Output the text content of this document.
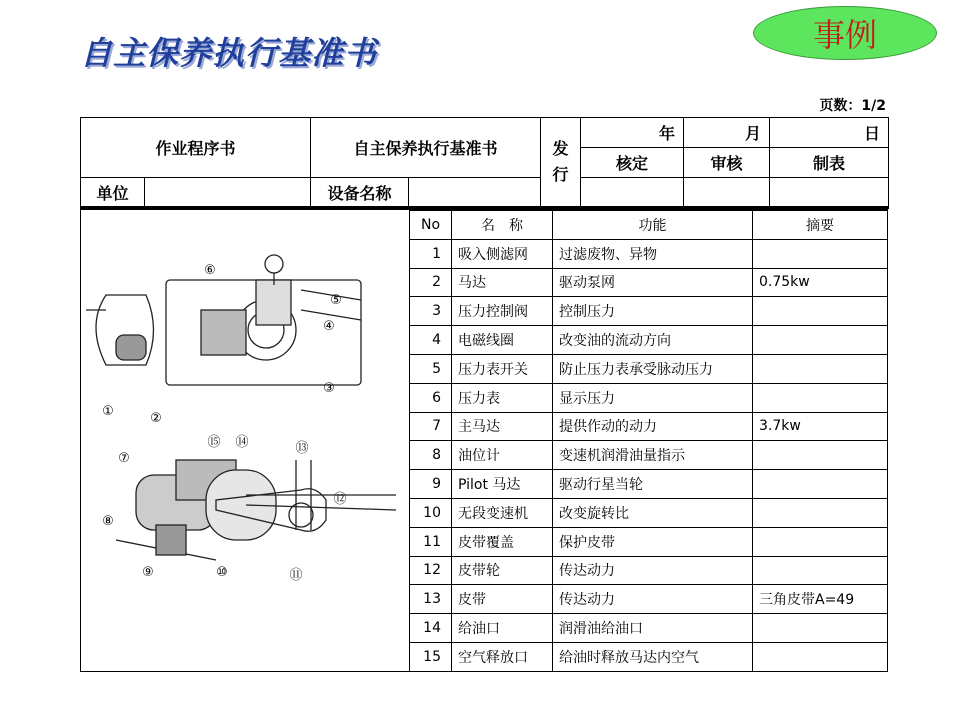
自主保养执行基准书	事例
页数：1/2
作业程序书		自主保养执行基准书		发行	年	月	日
					核定	审核	制表
单位		设备名称					
①	②
③
④
⑤
⑥
⑦
⑧
⑨	⑩	⑪
⑫
⑬
⑭
⑮
No	名　称	功能	摘要
1	吸入侧滤网	过滤废物、异物	
2	马达	驱动泵网	0.75kw
3	压力控制阀	控制压力	
4	电磁线圈	改变油的流动方向	
5	压力表开关	防止压力表承受脉动压力	
6	压力表	显示压力	
7	主马达	提供作动的动力	3.7kw
8	油位计	变速机润滑油量指示	
9	Pilot 马达	驱动行星当轮	
10	无段变速机	改变旋转比	
11	皮带覆盖	保护皮带	
12	皮带轮	传达动力	
13	皮带	传达动力	三角皮带A=49
14	给油口	润滑油给油口	
15	空气释放口	给油时释放马达内空气	
